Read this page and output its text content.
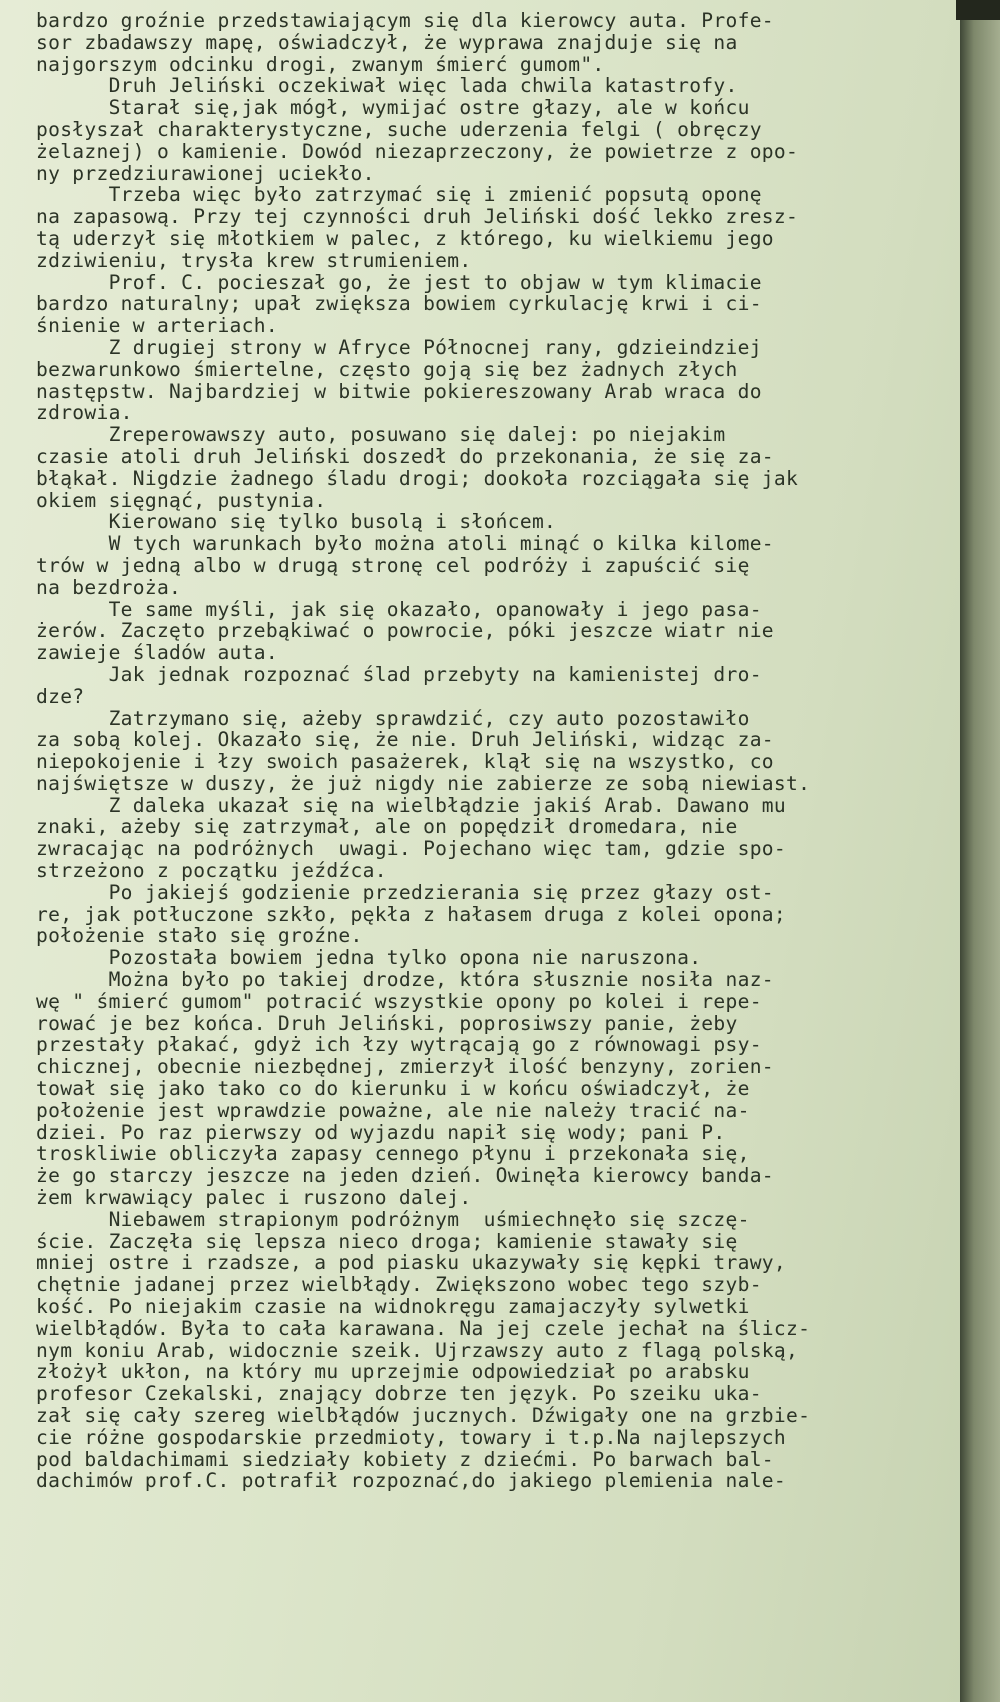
bardzo groźnie przedstawiającym się dla kierowcy auta. Profe-
sor zbadawszy mapę, oświadczył, że wyprawa znajduje się na
najgorszym odcinku drogi, zwanym śmierć gumom".
Druh Jeliński oczekiwał więc lada chwila katastrofy.
Starał się,jak mógł, wymijać ostre głazy, ale w końcu
posłyszał charakterystyczne, suche uderzenia felgi ( obręczy
żelaznej) o kamienie. Dowód niezaprzeczony, że powietrze z opo-
ny przedziurawionej uciekło.
Trzeba więc było zatrzymać się i zmienić popsutą oponę
na zapasową. Przy tej czynności druh Jeliński dość lekko zresz-
tą uderzył się młotkiem w palec, z którego, ku wielkiemu jego
zdziwieniu, trysła krew strumieniem.
Prof. C. pocieszał go, że jest to objaw w tym klimacie
bardzo naturalny; upał zwiększa bowiem cyrkulację krwi i ci-
śnienie w arteriach.
Z drugiej strony w Afryce Północnej rany, gdzieindziej
bezwarunkowo śmiertelne, często goją się bez żadnych złych
następstw. Najbardziej w bitwie pokiereszowany Arab wraca do
zdrowia.
Zreperowawszy auto, posuwano się dalej: po niejakim
czasie atoli druh Jeliński doszedł do przekonania, że się za-
błąkał. Nigdzie żadnego śladu drogi; dookoła rozciągała się jak
okiem sięgnąć, pustynia.
Kierowano się tylko busolą i słońcem.
W tych warunkach było można atoli minąć o kilka kilome-
trów w jedną albo w drugą stronę cel podróży i zapuścić się
na bezdroża.
Te same myśli, jak się okazało, opanowały i jego pasa-
żerów. Zaczęto przebąkiwać o powrocie, póki jeszcze wiatr nie
zawieje śladów auta.
Jak jednak rozpoznać ślad przebyty na kamienistej dro-
dze?
Zatrzymano się, ażeby sprawdzić, czy auto pozostawiło
za sobą kolej. Okazało się, że nie. Druh Jeliński, widząc za-
niepokojenie i łzy swoich pasażerek, klął się na wszystko, co
najświętsze w duszy, że już nigdy nie zabierze ze sobą niewiast.
Z daleka ukazał się na wielbłądzie jakiś Arab. Dawano mu
znaki, ażeby się zatrzymał, ale on popędził dromedara, nie
zwracając na podróżnych  uwagi. Pojechano więc tam, gdzie spo-
strzeżono z początku jeźdźca.
Po jakiejś godzienie przedzierania się przez głazy ost-
re, jak potłuczone szkło, pękła z hałasem druga z kolei opona;
położenie stało się groźne.
Pozostała bowiem jedna tylko opona nie naruszona.
Można było po takiej drodze, która słusznie nosiła naz-
wę " śmierć gumom" potracić wszystkie opony po kolei i repe-
rować je bez końca. Druh Jeliński, poprosiwszy panie, żeby
przestały płakać, gdyż ich łzy wytrącają go z równowagi psy-
chicznej, obecnie niezbędnej, zmierzył ilość benzyny, zorien-
tował się jako tako co do kierunku i w końcu oświadczył, że
położenie jest wprawdzie poważne, ale nie należy tracić na-
dziei. Po raz pierwszy od wyjazdu napił się wody; pani P.
troskliwie obliczyła zapasy cennego płynu i przekonała się,
że go starczy jeszcze na jeden dzień. Owinęła kierowcy banda-
żem krwawiący palec i ruszono dalej.
Niebawem strapionym podróżnym  uśmiechnęło się szczę-
ście. Zaczęła się lepsza nieco droga; kamienie stawały się
mniej ostre i rzadsze, a pod piasku ukazywały się kępki trawy,
chętnie jadanej przez wielbłądy. Zwiększono wobec tego szyb-
kość. Po niejakim czasie na widnokręgu zamajaczyły sylwetki
wielbłądów. Była to cała karawana. Na jej czele jechał na ślicz-
nym koniu Arab, widocznie szeik. Ujrzawszy auto z flagą polską,
złożył ukłon, na który mu uprzejmie odpowiedział po arabsku
profesor Czekalski, znający dobrze ten język. Po szeiku uka-
zał się cały szereg wielbłądów jucznych. Dźwigały one na grzbie-
cie różne gospodarskie przedmioty, towary i t.p.Na najlepszych
pod baldachimami siedziały kobiety z dziećmi. Po barwach bal-
dachimów prof.C. potrafił rozpoznać,do jakiego plemienia nale-
